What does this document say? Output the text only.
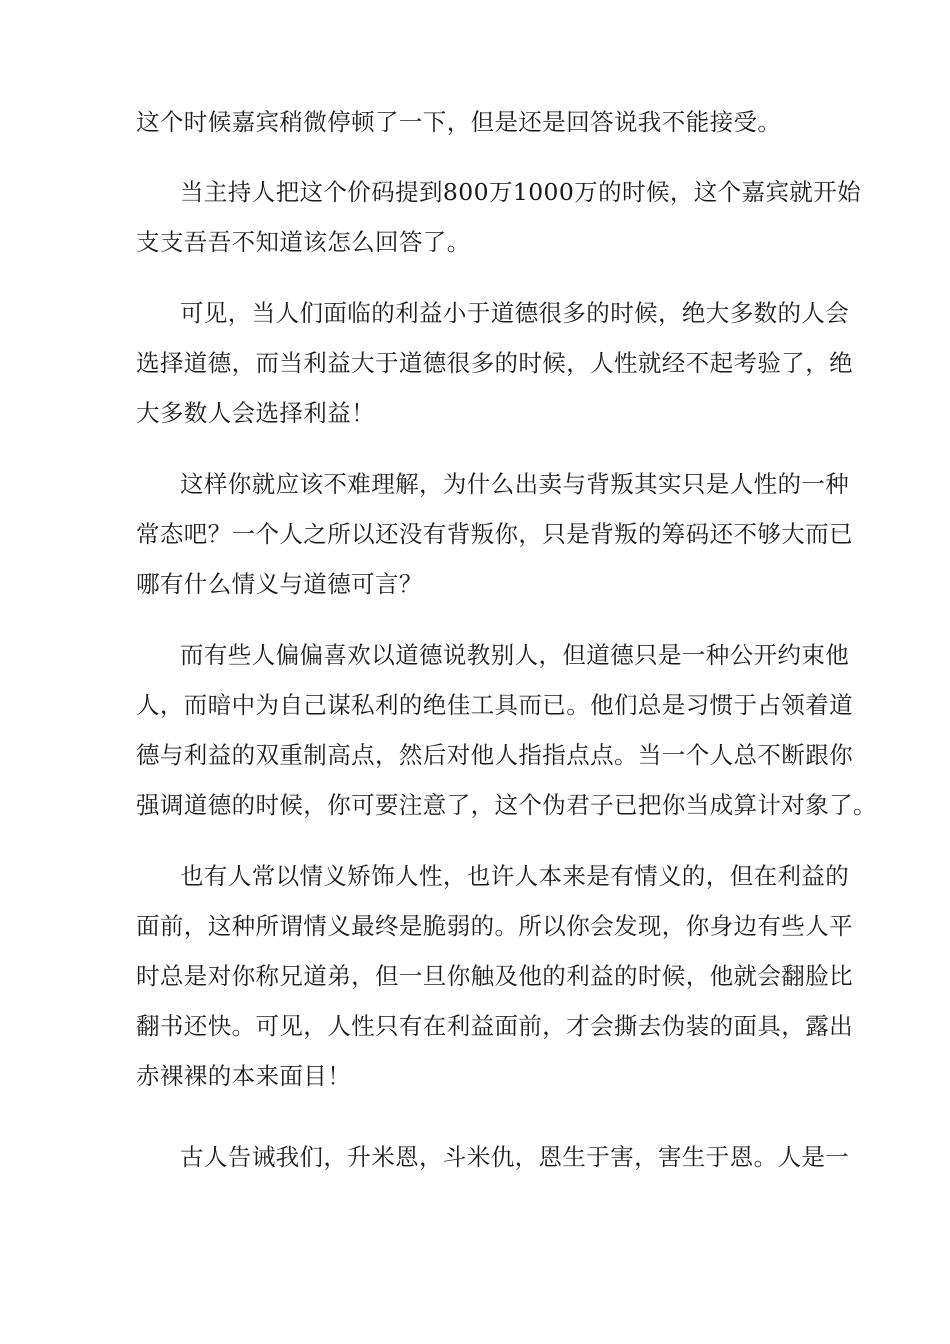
这个时候嘉宾稍微停顿了一下，但是还是回答说我不能接受。
当主持人把这个价码提到800万1000万的时候，这个嘉宾就开始
支支吾吾不知道该怎么回答了。
可见，当人们面临的利益小于道德很多的时候，绝大多数的人会
选择道德，而当利益大于道德很多的时候，人性就经不起考验了，绝
大多数人会选择利益！
这样你就应该不难理解，为什么出卖与背叛其实只是人性的一种
常态吧？一个人之所以还没有背叛你，只是背叛的筹码还不够大而已
哪有什么情义与道德可言？
而有些人偏偏喜欢以道德说教别人，但道德只是一种公开约束他
人，而暗中为自己谋私利的绝佳工具而已。他们总是习惯于占领着道
德与利益的双重制高点，然后对他人指指点点。当一个人总不断跟你
强调道德的时候，你可要注意了，这个伪君子已把你当成算计对象了。
也有人常以情义矫饰人性，也许人本来是有情义的，但在利益的
面前，这种所谓情义最终是脆弱的。所以你会发现，你身边有些人平
时总是对你称兄道弟，但一旦你触及他的利益的时候，他就会翻脸比
翻书还快。可见，人性只有在利益面前，才会撕去伪装的面具，露出
赤裸裸的本来面目！
古人告诫我们，升米恩，斗米仇，恩生于害，害生于恩。人是一
